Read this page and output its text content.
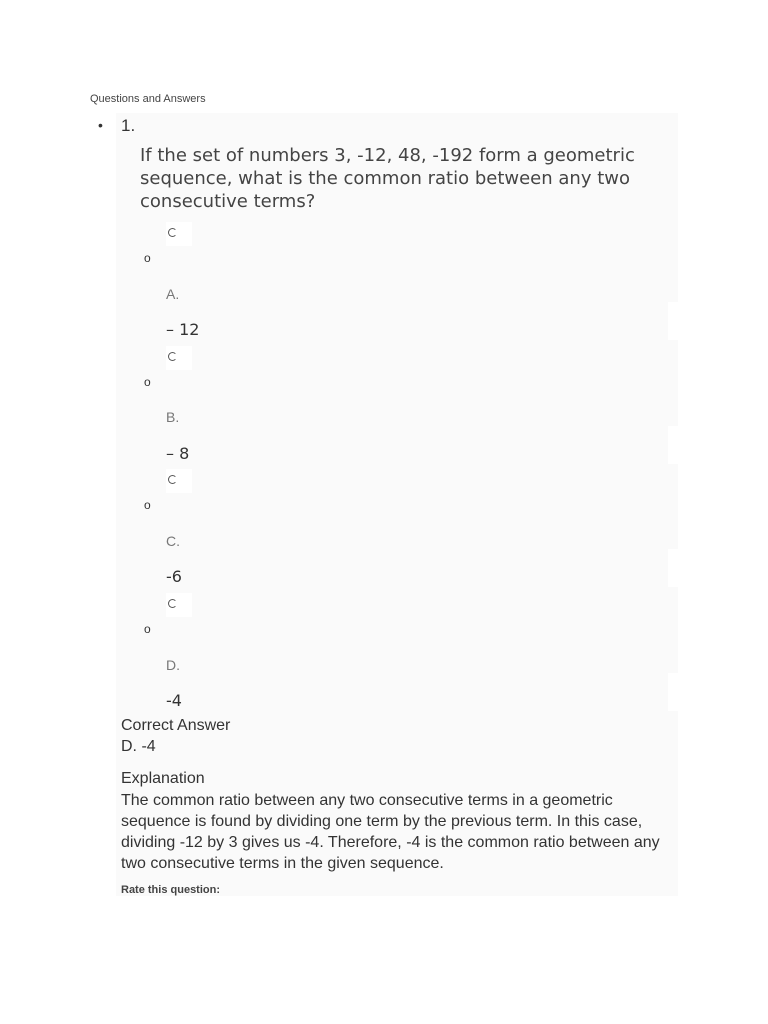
Questions and Answers
• 1.
If the set of numbers 3, -12, 48, -192 form a geometric sequence, what is the common ratio between any two consecutive terms?
o
A.
– 12
o
B.
– 8
o
C.
-6
o
D.
-4
Correct Answer
D. -4
Explanation
The common ratio between any two consecutive terms in a geometric sequence is found by dividing one term by the previous term. In this case, dividing -12 by 3 gives us -4. Therefore, -4 is the common ratio between any two consecutive terms in the given sequence.
Rate this question:
